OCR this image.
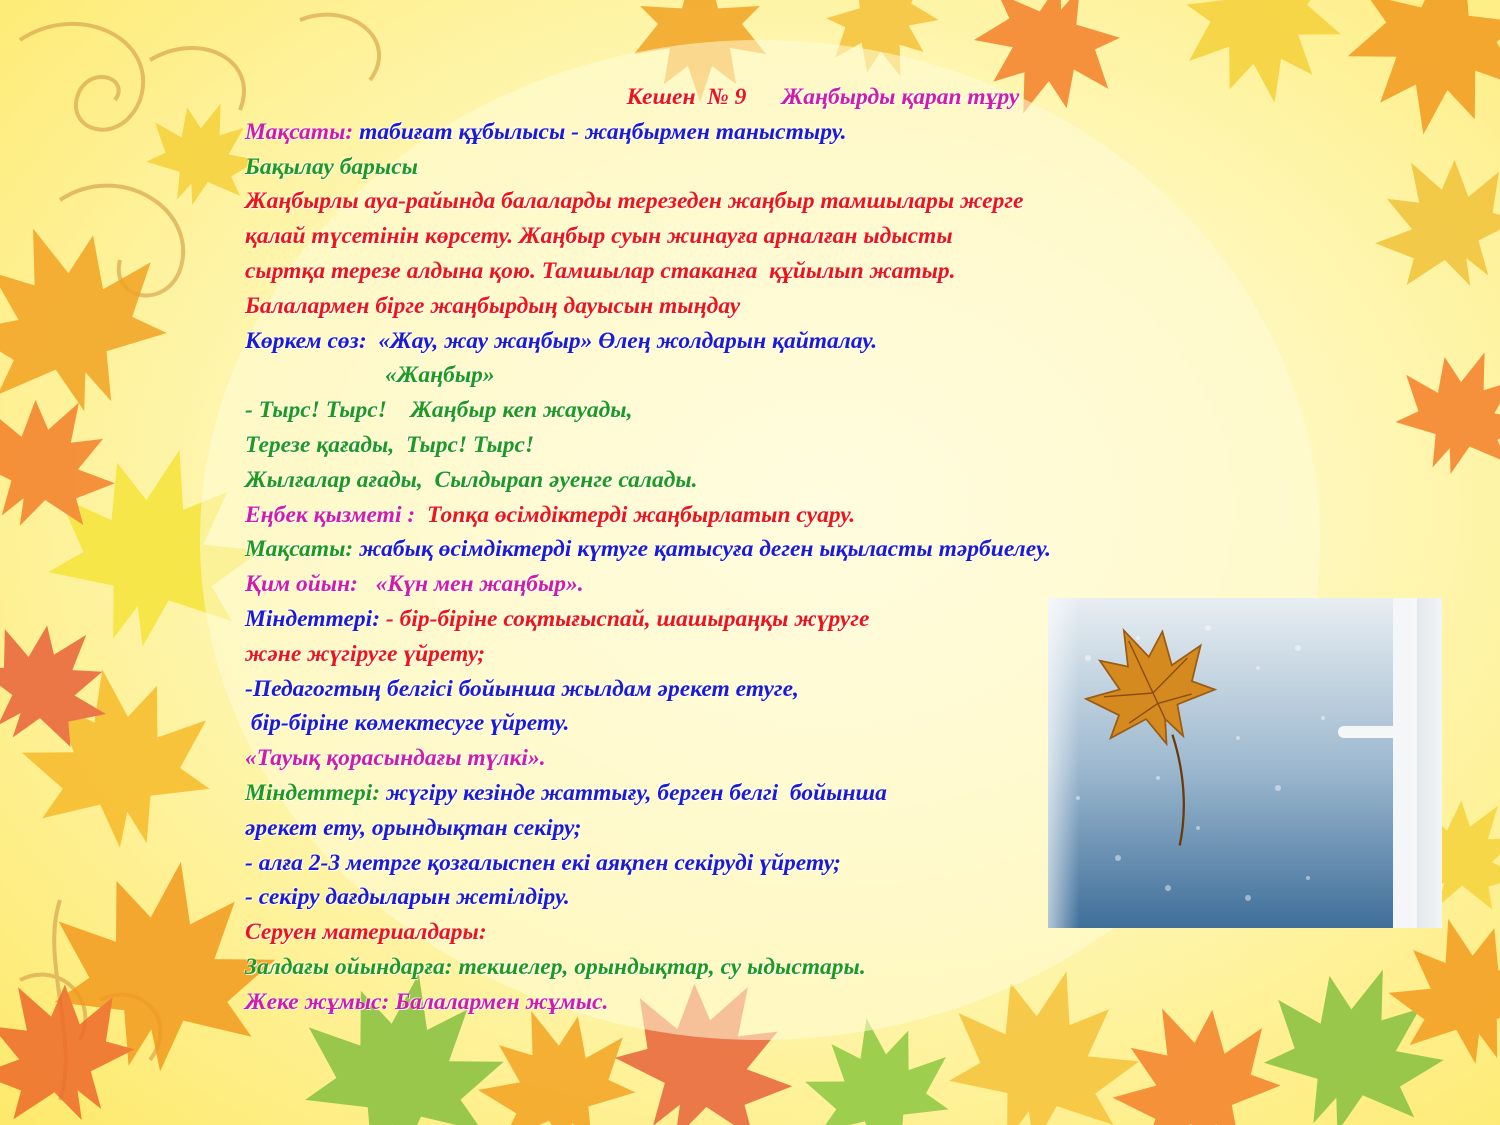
Кешен  № 9 Жаңбырды қарап тұру
Мақсаты: табиғат құбылысы - жаңбырмен таныстыру.
Бақылау барысы
Жаңбырлы ауа-райында балаларды терезеден жаңбыр тамшылары жерге
қалай түсетінін көрсету. Жаңбыр суын жинауға арналған ыдысты
сыртқа терезе алдына қою. Тамшылар стаканға  құйылып жатыр.
Балалармен бірге жаңбырдың дауысын тыңдау
Көркем сөз:  «Жау, жау жаңбыр» Өлең жолдарын қайталау.
«Жаңбыр»
- Тырс! Тырс!    Жаңбыр кеп жауады,
Терезе қағады,  Тырс! Тырс!
Жылғалар ағады,  Сылдырап әуенге салады.
Еңбек қызметі :  Топқа өсімдіктерді жаңбырлатып суару.
Мақсаты: жабық өсімдіктерді күтуге қатысуға деген ықыласты тәрбиелеу.
Қим ойын:   «Күн мен жаңбыр».
Міндеттері: - бір-біріне соқтығыспай, шашыраңқы жүруге
және жүгіруге үйрету;
-Педагогтың белгісі бойынша жылдам әрекет етуге,
бір-біріне көмектесуге үйрету.
«Тауық қорасындағы түлкі».
Міндеттері: жүгіру кезінде жаттығу, берген белгі  бойынша
әрекет ету, орындықтан секіру;
- алға 2-3 метрге қозғалыспен екі аяқпен секіруді үйрету;
- секіру дағдыларын жетілдіру.
Серуен материалдары:
Залдағы ойындарға: текшелер, орындықтар, су ыдыстары.
Жеке жұмыс: Балалармен жұмыс.
